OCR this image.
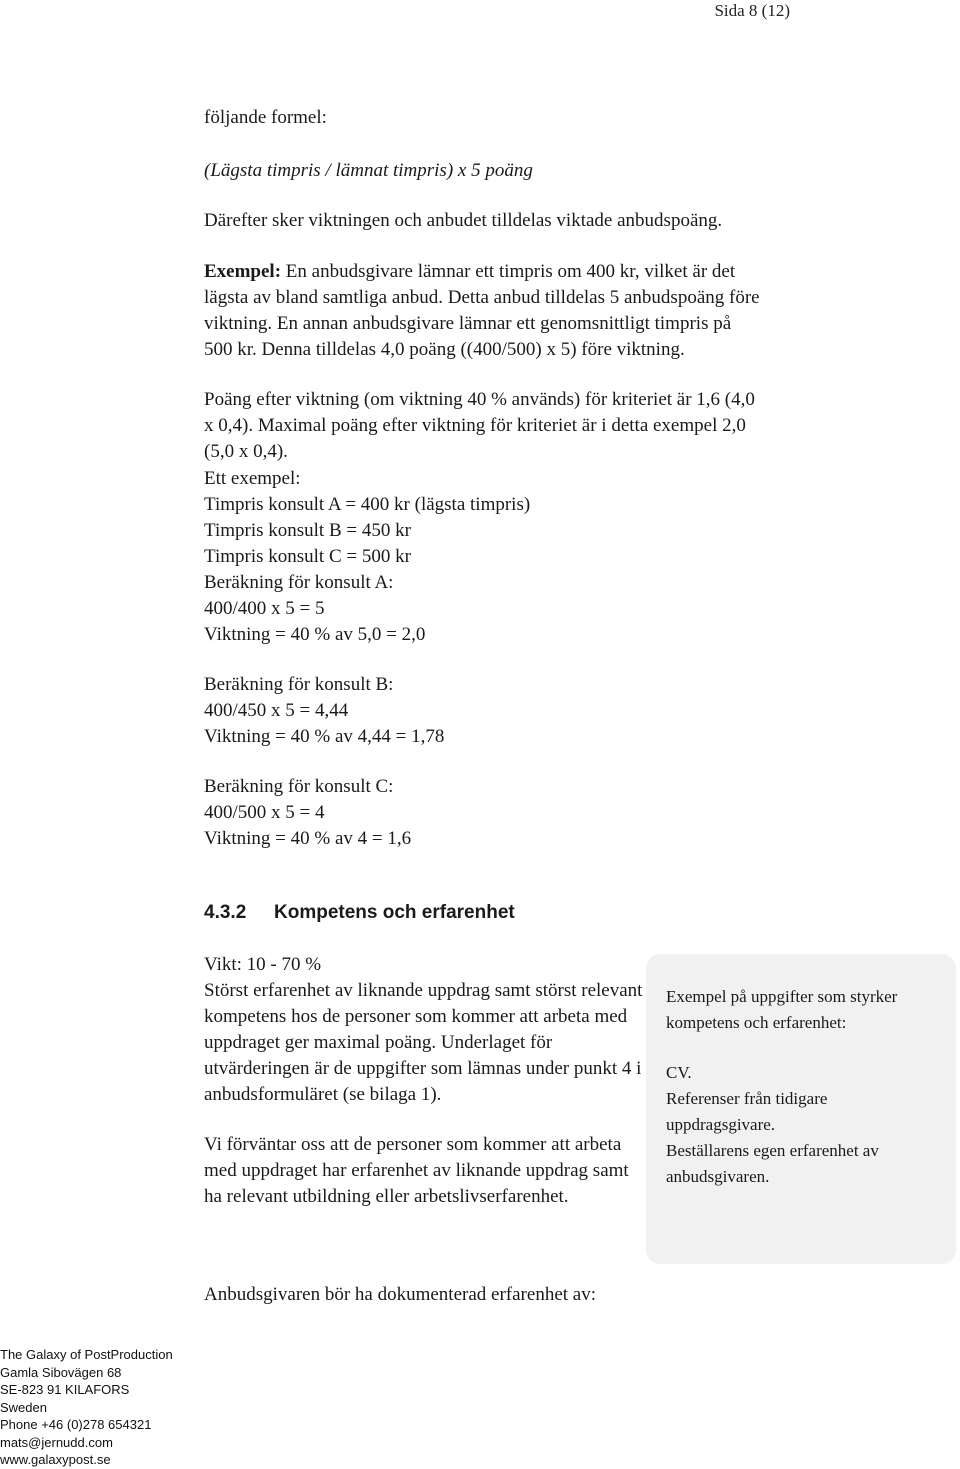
Sida 8 (12)
följande formel:
(Lägsta timpris / lämnat timpris) x 5 poäng
Därefter sker viktningen och anbudet tilldelas viktade anbudspoäng.
Exempel: En anbudsgivare lämnar ett timpris om 400 kr, vilket är det lägsta av bland samtliga anbud. Detta anbud tilldelas 5 anbudspoäng före viktning. En annan anbudsgivare lämnar ett genomsnittligt timpris på 500 kr. Denna tilldelas 4,0 poäng ((400/500) x 5) före viktning.
Poäng efter viktning (om viktning 40 % används) för kriteriet är 1,6 (4,0 x 0,4). Maximal poäng efter viktning för kriteriet är i detta exempel 2,0 (5,0 x 0,4).

Ett exempel:

Timpris konsult A = 400 kr (lägsta timpris)

Timpris konsult B = 450 kr

Timpris konsult C = 500 kr

Beräkning för konsult A:

400/400 x 5 = 5

Viktning = 40 % av 5,0 = 2,0

Beräkning för konsult B:

400/450 x 5 = 4,44

Viktning = 40 % av 4,44 = 1,78

Beräkning för konsult C:

400/500 x 5 = 4

Viktning = 40 % av 4 = 1,6

4.3.2 Kompetens och erfarenhet

Vikt: 10 - 70 %

Störst erfarenhet av liknande uppdrag samt störst relevant kompetens hos de personer som kommer att arbeta med uppdraget ger maximal poäng. Underlaget för utvärderingen är de uppgifter som lämnas under punkt 4 i anbudsformuläret (se bilaga 1).

Vi förväntar oss att de personer som kommer att arbeta med uppdraget har erfarenhet av liknande uppdrag samt ha relevant utbildning eller arbetslivserfarenhet.

Exempel på uppgifter som styrker kompetens och erfarenhet:

CV.

Referenser från tidigare uppdragsgivare.

Beställarens egen erfarenhet av anbudsgivaren.

Anbudsgivaren bör ha dokumenterad erfarenhet av:
The Galaxy of PostProduction
Gamla Sibovägen 68
SE-823 91 KILAFORS
Sweden
Phone +46 (0)278 654321
mats@jernudd.com
www.galaxypost.se
